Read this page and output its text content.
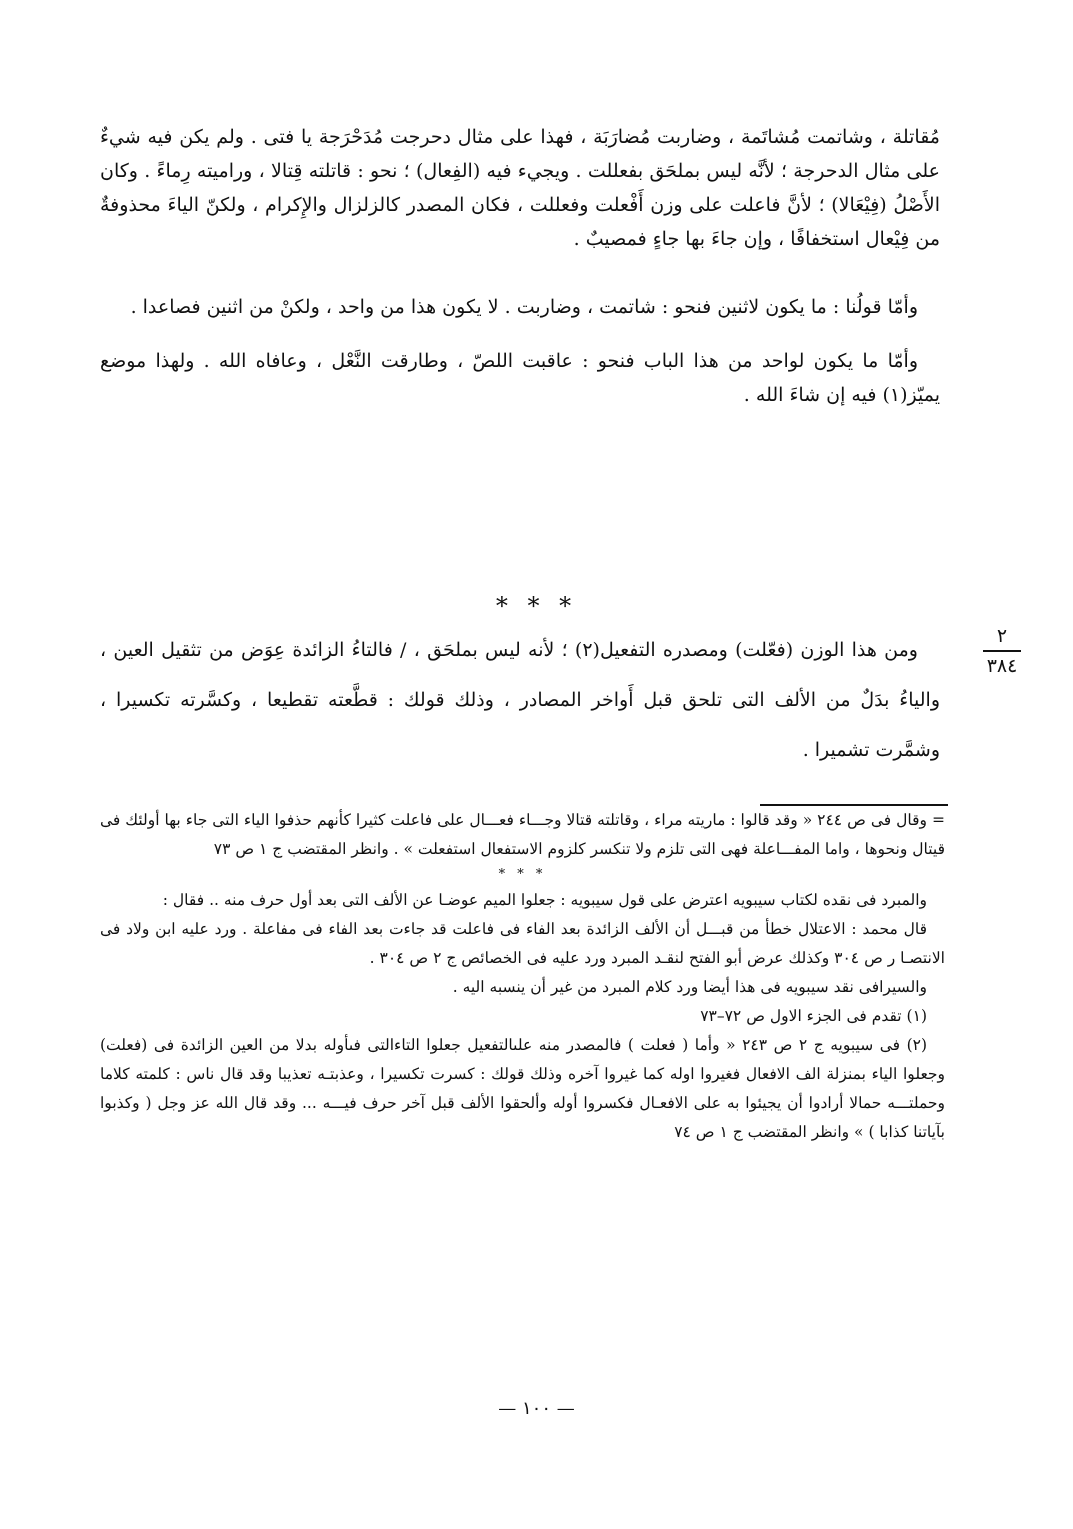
مُقاتلة ، وشاتمت مُشاتَمة ، وضاربت مُضارَبَة ، فهذا على مثال دحرجت مُدَحْرَجة يا فتى . ولم يكن فيه شيءٌ على مثال الدحرجة ؛ لأنَّه ليس بملحَق بفعللت . ويجيء فيه (الفِعال) ؛ نحو : قاتلته قِتالا ، وراميته رِماءً . وكان الأَصْلُ (فِيْعَالا) ؛ لأنَّ فاعلت على وزن أَفْعلت وفعللت ، فكان المصدر كالزلزال والإِكرام ، ولكنّ الياءَ محذوفةٌ من فِيْعال استخفافًا ، وإن جاءَ بها جاءٍ فمصيبٌ .

وأمّا قولُنا : ما يكون لاثنين فنحو : شاتمت ، وضاربت . لا يكون هذا من واحد ، ولكنْ من اثنين فصاعدا .

وأمّا ما يكون لواحد من هذا الباب فنحو : عاقبت اللصّ ، وطارقت النَّعْل ، وعافاه الله . ولهذا موضع يميّز(١) فيه إن شاءَ الله .

* * *

ومن هذا الوزن (فعّلت) ومصدره التفعيل(٢) ؛ لأنه ليس بملحَق ، / فالتاءُ الزائدة عِوَض من تثقيل العين ، والياءُ بدَلٌ من الألف التى تلحق قبل أَواخر المصادر ، وذلك قولك : قطَّعته تقطيعا ، وكسَّرته تكسيرا ، وشمَّرت تشميرا .

٢
٣٨٤

= وقال فى ص ٢٤٤ « وقد قالوا : ماريته مراء ، وقاتلته قتالا وجـــاء فعـــال على فاعلت كثيرا كأنهم حذفوا الياء التى جاء بها أولئك فى قيتال ونحوها ، واما المفـــاعلة فهى التى تلزم ولا تنكسر كلزوم الاستفعال استفعلت » . وانظر المقتضب ج ١ ص ٧٣

* * *

والمبرد فى نقده لكتاب سيبويه اعترض على قول سيبويه : جعلوا الميم عوضـا عن الألف التى بعد أول حرف منه .. فقال :

قال محمد : الاعتلال خطأ من قبـــل أن الألف الزائدة بعد الفاء فى فاعلت قد جاءت بعد الفاء فى مفاعلة . ورد عليه ابن ولاد فى الانتصـا ر ص ٣٠٤ وكذلك عرض أبو الفتح لنقـد المبرد ورد عليه فى الخصائص ج ٢ ص ٣٠٤ .

والسيرافى نقد سيبويه فى هذا أيضا ورد كلام المبرد من غير أن ينسبه اليه .

(١) تقدم فى الجزء الاول ص ٧٢–٧٣

(٢) فى سيبويه ج ٢ ص ٢٤٣ « وأما ( فعلت ) فالمصدر منه علىالتفعيل جعلوا التاءالتى فىأوله بدلا من العين الزائدة فى (فعلت) وجعلوا الياء بمنزلة الف الافعال فغيروا اوله كما غيروا آخره وذلك قولك : كسرت تكسيرا ، وعذبتـه تعذيبا وقد قال ناس : كلمته كلاما وحملتـــه حمالا أرادوا أن يجيئوا به على الافعـال فكسروا أوله وألحقوا الألف قبل آخر حرف فيـــه ... وقد قال الله عز وجل ( وكذبوا بآياتنا كذابا ) » وانظر المقتضب ج ١ ص ٧٤

— ١٠٠ —
